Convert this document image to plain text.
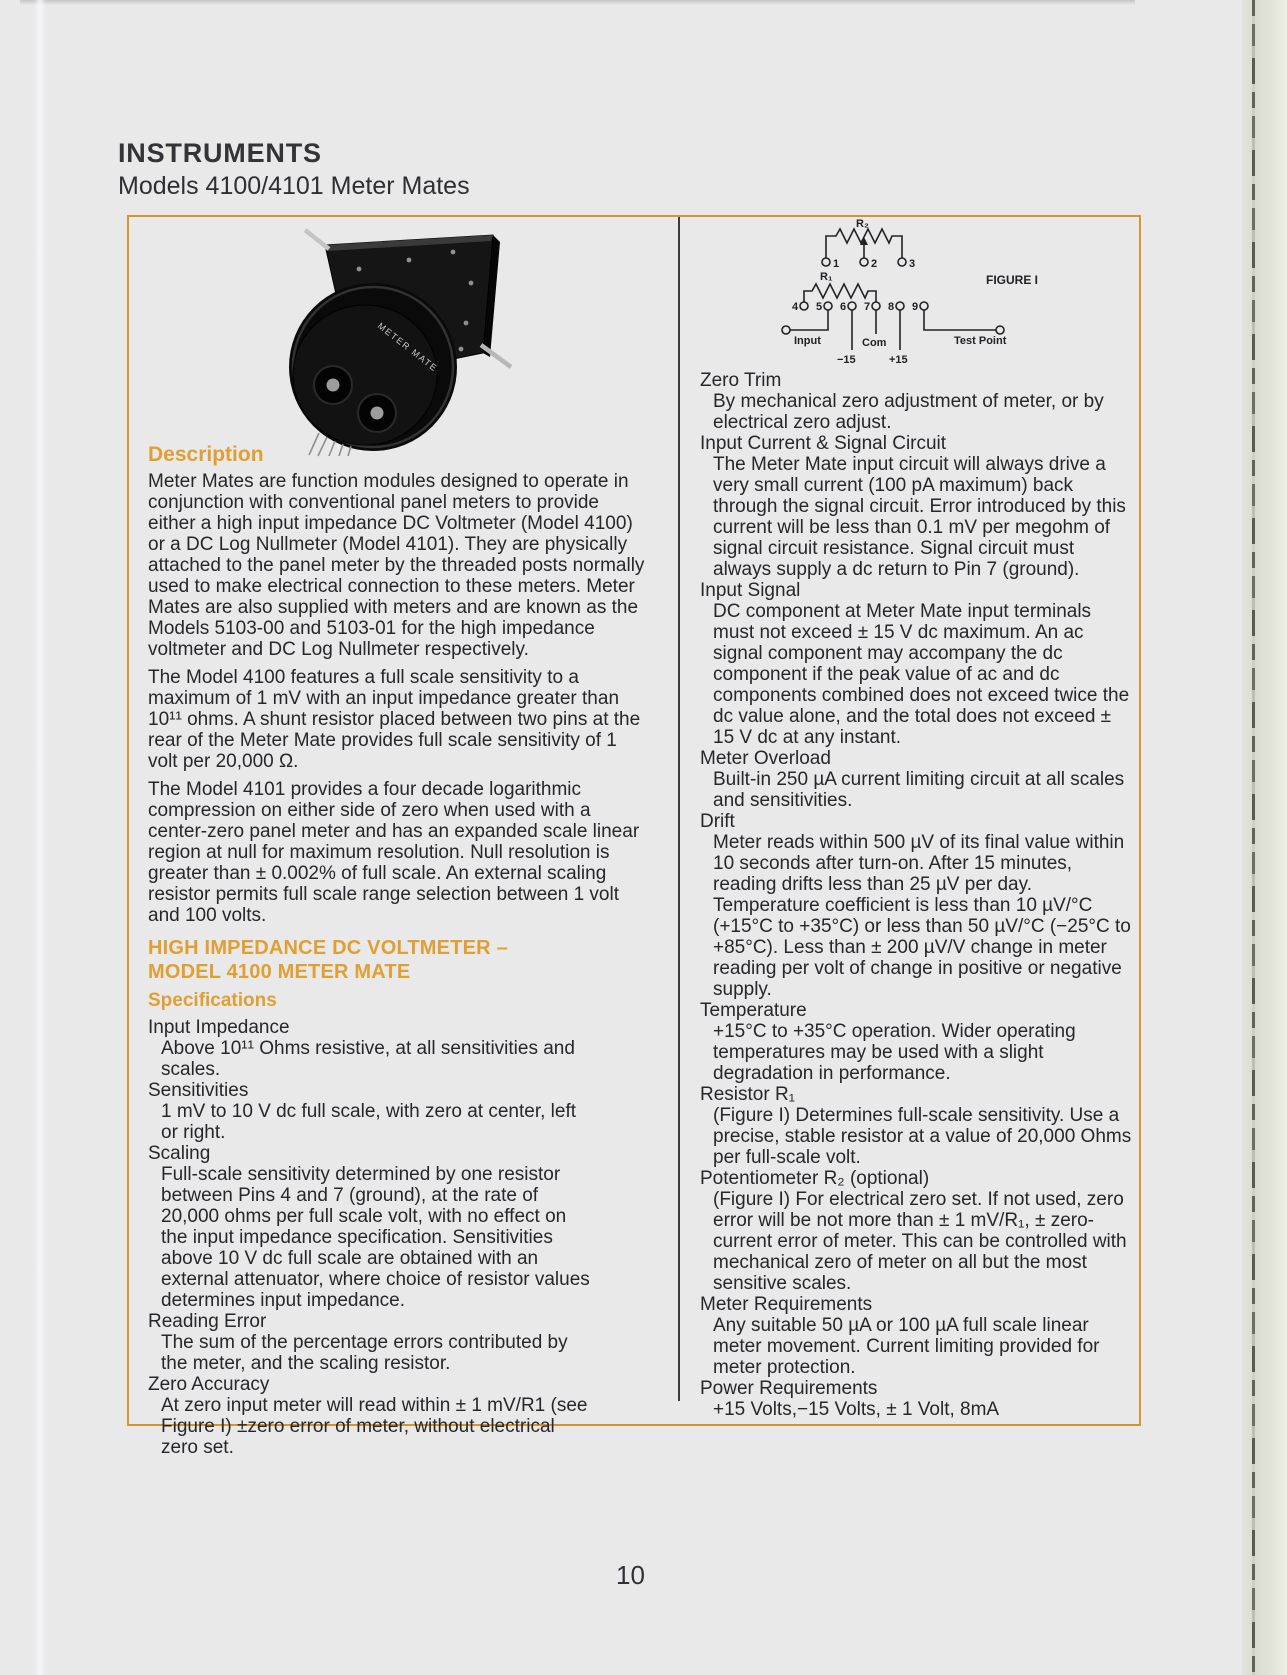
INSTRUMENTS
Models 4100/4101 Meter Mates
METER MATE
R₂
R₁
1	2	3
4 5 6 7 8 9
Input	Com	Test Point
−15	+15
FIGURE I
Description

Meter Mates are function modules designed to operate in conjunction with conventional panel meters to provide either a high input impedance DC Voltmeter (Model 4100) or a DC Log Nullmeter (Model 4101). They are physically attached to the panel meter by the threaded posts normally used to make electrical connection to these meters. Meter Mates are also supplied with meters and are known as the Models 5103-00 and 5103-01 for the high impedance voltmeter and DC Log Nullmeter respectively.

The Model 4100 features a full scale sensitivity to a maximum of 1 mV with an input impedance greater than 10¹¹ ohms. A shunt resistor placed between two pins at the rear of the Meter Mate provides full scale sensitivity of 1 volt per 20,000 Ω.

The Model 4101 provides a four decade logarithmic compression on either side of zero when used with a center-zero panel meter and has an expanded scale linear region at null for maximum resolution. Null resolution is greater than ± 0.002% of full scale. An external scaling resistor permits full scale range selection between 1 volt and 100 volts.

HIGH IMPEDANCE DC VOLTMETER –
MODEL 4100 METER MATE
Specifications
Input Impedance
Above 10¹¹ Ohms resistive, at all sensitivities and scales.
Sensitivities
1 mV to 10 V dc full scale, with zero at center, left or right.
Scaling
Full-scale sensitivity determined by one resistor between Pins 4 and 7 (ground), at the rate of 20,000 ohms per full scale volt, with no effect on the input impedance specification. Sensitivities above 10 V dc full scale are obtained with an external attenuator, where choice of resistor values determines input impedance.
Reading Error
The sum of the percentage errors contributed by the meter, and the scaling resistor.
Zero Accuracy
At zero input meter will read within ± 1 mV/R1 (see Figure I) ±zero error of meter, without electrical zero set.
Zero Trim
By mechanical zero adjustment of meter, or by electrical zero adjust.
Input Current & Signal Circuit
The Meter Mate input circuit will always drive a very small current (100 pA maximum) back through the signal circuit. Error introduced by this current will be less than 0.1 mV per megohm of signal circuit resistance. Signal circuit must always supply a dc return to Pin 7 (ground).
Input Signal
DC component at Meter Mate input terminals must not exceed ± 15 V dc maximum. An ac signal component may accompany the dc component if the peak value of ac and dc components combined does not exceed twice the dc value alone, and the total does not exceed ± 15 V dc at any instant.
Meter Overload
Built-in 250 µA current limiting circuit at all scales and sensitivities.
Drift
Meter reads within 500 µV of its final value within 10 seconds after turn-on. After 15 minutes, reading drifts less than 25 µV per day. Temperature coefficient is less than 10 µV/°C (+15°C to +35°C) or less than 50 µV/°C (−25°C to +85°C). Less than ± 200 µV/V change in meter reading per volt of change in positive or negative supply.
Temperature
+15°C to +35°C operation. Wider operating temperatures may be used with a slight degradation in performance.
Resistor R₁
(Figure I) Determines full-scale sensitivity. Use a precise, stable resistor at a value of 20,000 Ohms per full-scale volt.
Potentiometer R₂ (optional)
(Figure I) For electrical zero set. If not used, zero error will be not more than ± 1 mV/R₁, ± zero-current error of meter. This can be controlled with mechanical zero of meter on all but the most sensitive scales.
Meter Requirements
Any suitable 50 µA or 100 µA full scale linear meter movement. Current limiting provided for meter protection.
Power Requirements
+15 Volts,−15 Volts, ± 1 Volt, 8mA
10
